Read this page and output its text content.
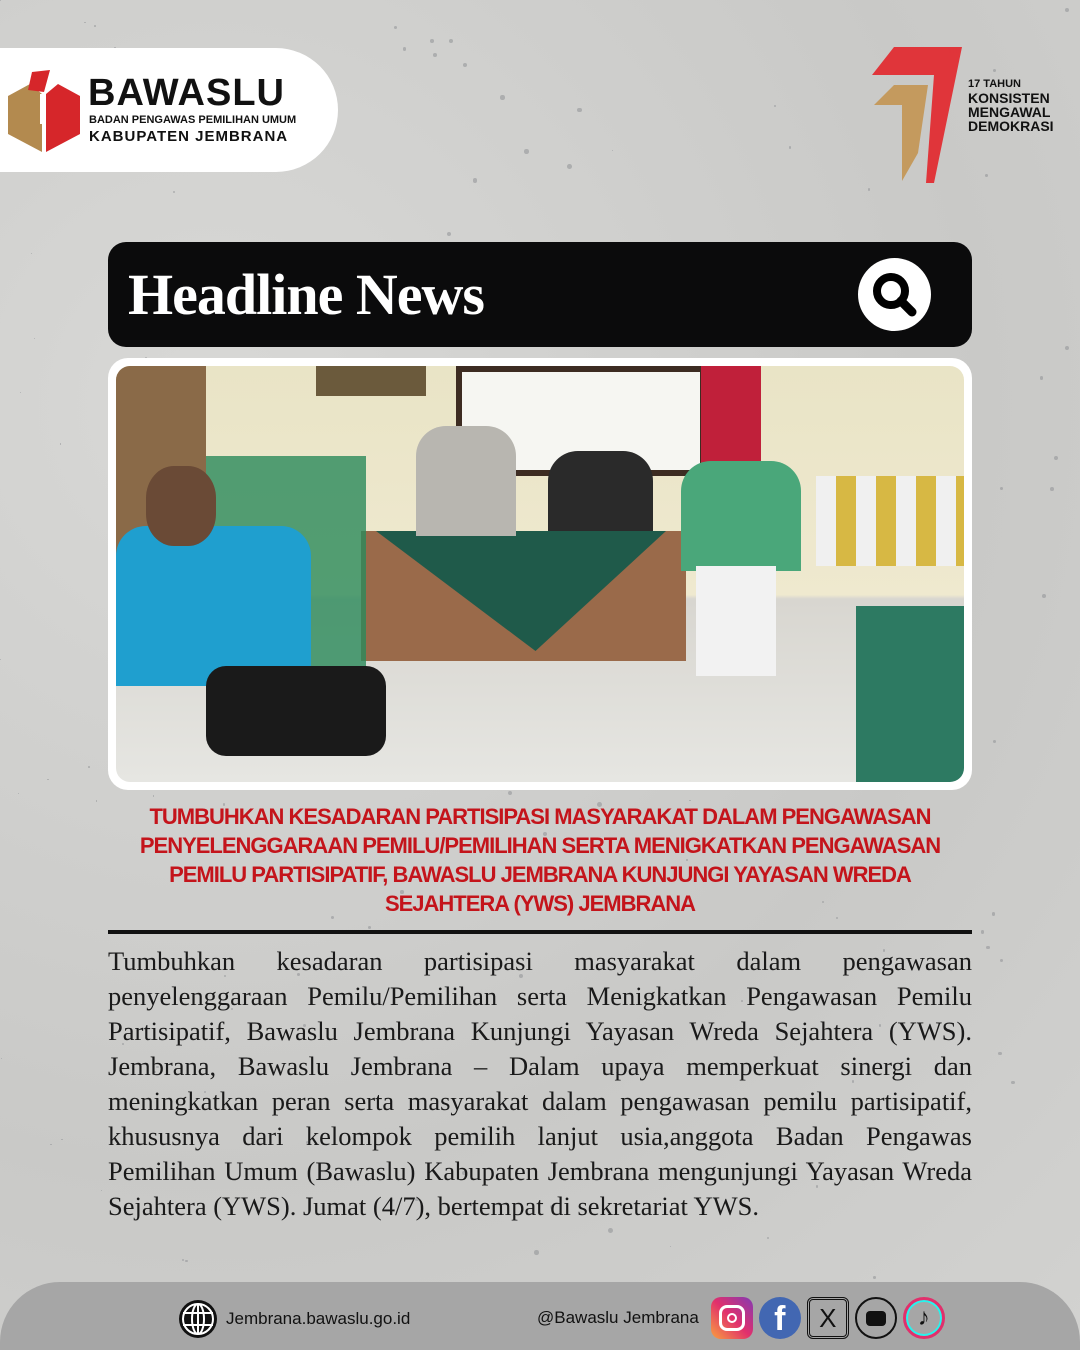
BAWASLU
BADAN PENGAWAS PEMILIHAN UMUM
KABUPATEN JEMBRANA
TH
17 TAHUN
KONSISTEN
MENGAWAL
DEMOKRASI
Headline News
TUMBUHKAN KESADARAN PARTISIPASI MASYARAKAT DALAM PENGAWASAN PENYELENGGARAAN PEMILU/PEMILIHAN SERTA MENIGKATKAN PENGAWASAN PEMILU PARTISIPATIF, BAWASLU JEMBRANA KUNJUNGI YAYASAN WREDA SEJAHTERA (YWS) JEMBRANA
Tumbuhkan kesadaran partisipasi masyarakat dalam pengawasan penyelenggaraan Pemilu/Pemilihan serta Menigkatkan Pengawasan Pemilu Partisipatif, Bawaslu Jembrana Kunjungi Yayasan Wreda Sejahtera (YWS). Jembrana, Bawaslu Jembrana – Dalam upaya memperkuat sinergi dan meningkatkan peran serta masyarakat dalam pengawasan pemilu partisipatif, khususnya dari kelompok pemilih lanjut usia,anggota Badan Pengawas Pemilihan Umum (Bawaslu) Kabupaten Jembrana mengunjungi Yayasan Wreda Sejahtera (YWS). Jumat (4/7), bertempat di sekretariat YWS.
Jembrana.bawaslu.go.id	@Bawaslu Jembrana f X	♪
